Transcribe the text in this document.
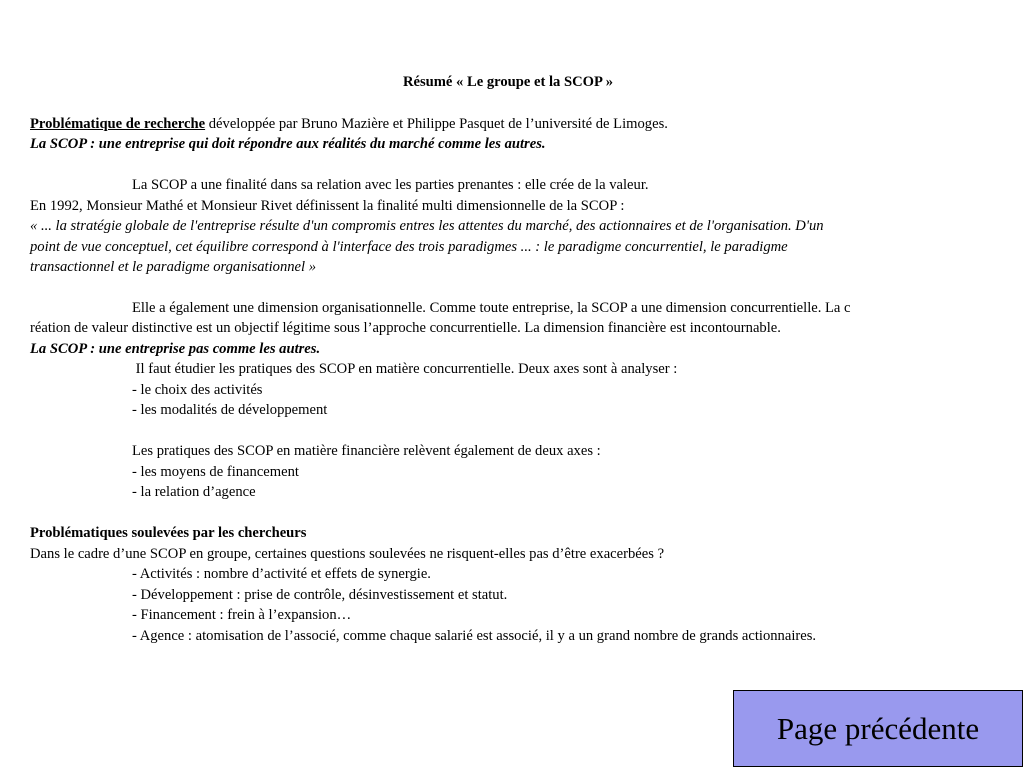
Résumé « Le groupe et la SCOP »
Problématique de recherche développée par Bruno Mazière et Philippe Pasquet de l’université de Limoges.
La SCOP : une entreprise qui doit répondre aux réalités du marché comme les autres.
La SCOP a une finalité dans sa relation avec les parties prenantes : elle crée de la valeur.
En 1992, Monsieur Mathé et Monsieur Rivet définissent la finalité multi dimensionnelle de la SCOP :
« ... la stratégie globale de l'entreprise résulte d'un compromis entres les attentes du marché, des actionnaires et de l'organisation. D'un
point de vue conceptuel, cet équilibre correspond à l'interface des trois paradigmes ... : le paradigme concurrentiel, le paradigme
transactionnel et le paradigme organisationnel »
Elle a également une dimension organisationnelle. Comme toute entreprise, la SCOP a une dimension concurrentielle. La c
réation de valeur distinctive est un objectif légitime sous l’approche concurrentielle. La dimension financière est incontournable.
La SCOP : une entreprise pas comme les autres.
Il faut étudier les pratiques des SCOP en matière concurrentielle. Deux axes sont à analyser :
- le choix des activités
- les modalités de développement
Les pratiques des SCOP en matière financière relèvent également de deux axes :
- les moyens de financement
- la relation d’agence
Problématiques soulevées par les chercheurs
Dans le cadre d’une SCOP en groupe, certaines questions soulevées ne risquent-elles pas d’être exacerbées ?
- Activités : nombre d’activité et effets de synergie.
- Développement : prise de contrôle, désinvestissement et statut.
- Financement : frein à l’expansion…
- Agence : atomisation de l’associé, comme chaque salarié est associé, il y a un grand nombre de grands actionnaires.
Page précédente
